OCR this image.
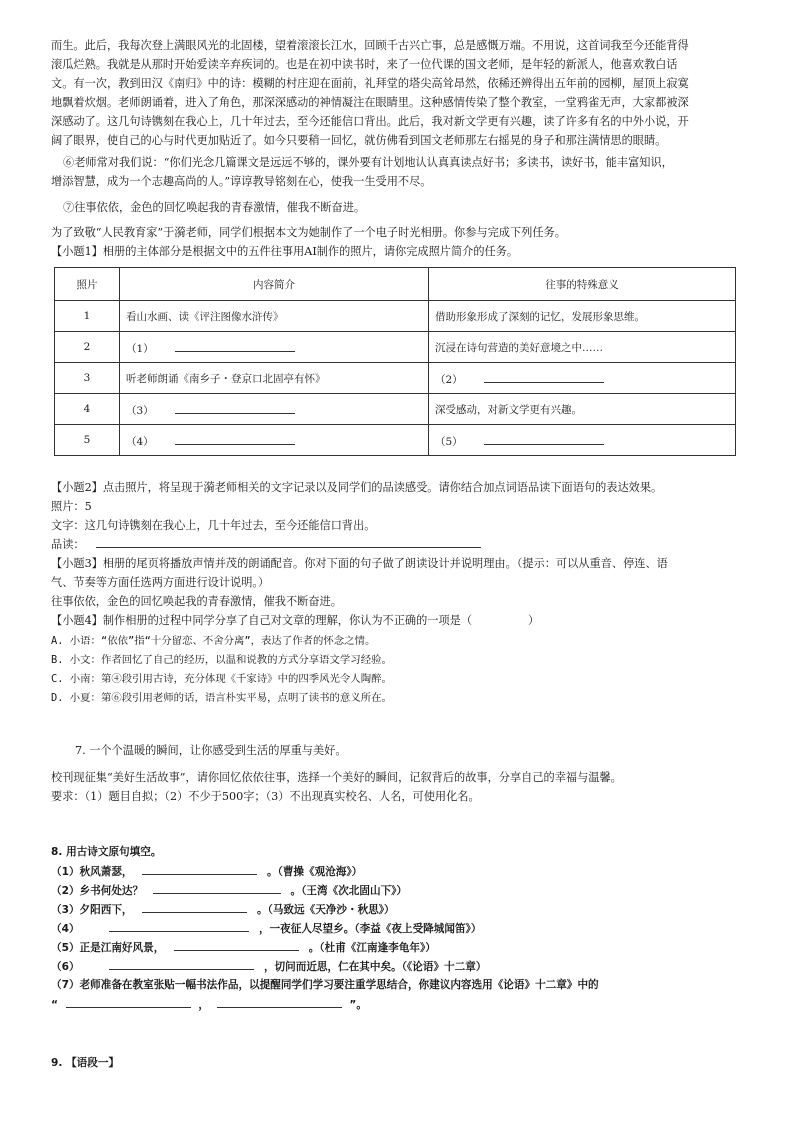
而生。此后，我每次登上满眼风光的北固楼，望着滚滚长江水，回顾千古兴亡事，总是感慨万端。不用说，这首词我至今还能背得
滚瓜烂熟。我就是从那时开始爱读辛弃疾词的。也是在初中读书时，来了一位代课的国文老师，是年轻的新派人，他喜欢教白话
文。有一次，教到田汉《南归》中的诗：模糊的村庄迎在面前，礼拜堂的塔尖高耸昂然，依稀还辨得出五年前的园柳，屋顶上寂寞
地飘着炊烟。老师朗诵着，进入了角色，那深深感动的神情凝注在眼睛里。这种感情传染了整个教室，一堂鸦雀无声，大家都被深
深感动了。这几句诗镌刻在我心上，几十年过去，至今还能信口背出。此后，我对新文学更有兴趣，读了许多有名的中外小说，开
阔了眼界，使自己的心与时代更加贴近了。如今只要稍一回忆，就仿佛看到国文老师那左右摇晃的身子和那注满情思的眼睛。
⑥老师常对我们说：“你们光念几篇课文是远远不够的，课外要有计划地认认真真读点好书；多读书，读好书，能丰富知识，
增添智慧，成为一个志趣高尚的人。”谆谆教导铭刻在心，使我一生受用不尽。
⑦往事依依，金色的回忆唤起我的青春激情，催我不断奋进。
为了致敬“人民教育家”于漪老师，同学们根据本文为她制作了一个电子时光相册。你参与完成下列任务。
【小题1】相册的主体部分是根据文中的五件往事用AI制作的照片，请你完成照片简介的任务。
照片	内容简介	往事的特殊意义
1	看山水画、读《评注图像水浒传》	借助形象形成了深刻的记忆，发展形象思维。
2	（1）	沉浸在诗句营造的美好意境之中……
3	听老师朗诵《南乡子・登京口北固亭有怀》	（2）
4	（3）	深受感动，对新文学更有兴趣。
5	（4）	（5）
【小题2】点击照片，将呈现于漪老师相关的文字记录以及同学们的品读感受。请你结合加点词语品读下面语句的表达效果。
照片：5
文字：这几句诗镌刻在我心上，几十年过去，至今还能信口背出。
品读：
【小题3】相册的尾页将播放声情并茂的朗诵配音。你对下面的句子做了朗读设计并说明理由。（提示：可以从重音、停连、语
气、节奏等方面任选两方面进行设计说明。）
往事依依，金色的回忆唤起我的青春激情，催我不断奋进。
【小题4】制作相册的过程中同学分享了自己对文章的理解，你认为不正确的一项是（　　　　　）
A. 小语：“依依”指“十分留恋、不舍分离”，表达了作者的怀念之情。
B. 小文：作者回忆了自己的经历，以温和说教的方式分享语文学习经验。
C. 小南：第④段引用古诗，充分体现《千家诗》中的四季风光令人陶醉。
D. 小夏：第⑥段引用老师的话，语言朴实平易，点明了读书的意义所在。
7. 一个个温暖的瞬间，让你感受到生活的厚重与美好。
校刊现征集“美好生活故事”，请你回忆依依往事，选择一个美好的瞬间，记叙背后的故事，分享自己的幸福与温馨。
要求：（1）题目自拟；（2）不少于500字；（3）不出现真实校名、人名，可使用化名。
8. 用古诗文原句填空。
（1）秋风萧瑟，	。（曹操《观沧海》）
（2）乡书何处达？	。（王湾《次北固山下》）
（3）夕阳西下，	。（马致远《天净沙・秋思》）
（4）	，一夜征人尽望乡。（李益《夜上受降城闻笛》）
（5）正是江南好风景，	。（杜甫《江南逢李龟年》）
（6）	，切问而近思，仁在其中矣。（《论语》十二章）
（7）老师准备在教室张贴一幅书法作品，以提醒同学们学习要注重学思结合，你建议内容选用《论语》十二章》中的
“	，	”。
9. 【语段一】
